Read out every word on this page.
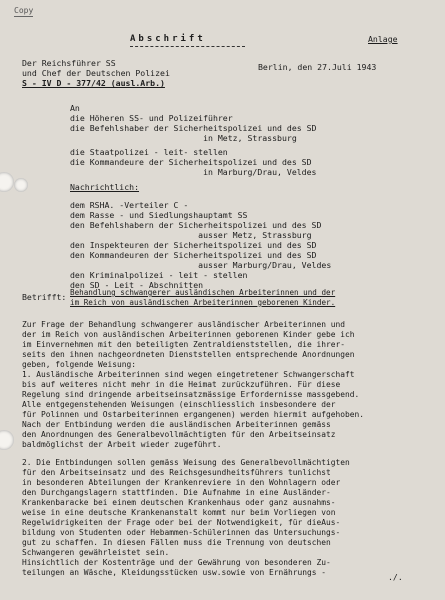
Copy
Abschrift	Anlage
Der Reichsführer SS
und Chef der Deutschen Polizei
S - IV D - 377/42 (ausl.Arb.)
Berlin, den 27.Juli 1943
An

die Höheren SS- und Polizeiführer

die Befehlshaber der Sicherheitspolizei und des SD

in Metz, Strassburg

die Staatpolizei - leit- stellen

die Kommandeure der Sicherheitspolizei und des SD

in Marburg/Drau, Veldes

Nachrichtlich:

dem RSHA. -Verteiler C -

dem Rasse - und Siedlungshauptamt SS

den Befehlshabern der Sicherheitspolizei und des SD

ausser Metz, Strassburg

den Inspekteuren der Sicherheitspolizei und des SD

den Kommandeuren der Sicherheitspolizei und des SD

ausser Marburg/Drau, Veldes

den Kriminalpolizei - leit - stellen

den SD - Leit - Abschnitten

Betrifft: Behandlung schwangerer ausländischen Arbeiterinnen und der
im Reich von ausländischen Arbeiterinnen geborenen Kinder.

Zur Frage der Behandlung schwangerer ausländischer Arbeiterinnen und

der im Reich von ausländischen Arbeiterinnen geborenen Kinder gebe ich

im Einvernehmen mit den beteiligten Zentraldienststellen, die ihrer-

seits den ihnen nachgeordneten Dienststellen entsprechende Anordnungen

geben, folgende Weisung:

1. Ausländische Arbeiterinnen sind wegen eingetretener Schwangerschaft

bis auf weiteres nicht mehr in die Heimat zurückzuführen. Für diese

Regelung sind dringende arbeitseinsatzmässige Erfordernisse massgebend.

Alle entgegenstehenden Weisungen (einschliesslich insbesondere der

für Polinnen und Ostarbeiterinnen ergangenen) werden hiermit aufgehoben.

Nach der Entbindung werden die ausländischen Arbeiterinnen gemäss

den Anordnungen des Generalbevollmächtigten für den Arbeitseinsatz

baldmöglichst der Arbeit wieder zugeführt.

2. Die Entbindungen sollen gemäss Weisung des Generalbevollmächtigten

für den Arbeitseinsatz und des Reichsgesundheitsführers tunlichst

in besonderen Abteilungen der Krankenreviere in den Wohnlagern oder

den Durchgangslagern stattfinden. Die Aufnahme in eine Ausländer-

Krankenbaracke bei einem deutschen Krankenhaus oder ganz ausnahms-

weise in eine deutsche Krankenanstalt kommt nur beim Vorliegen von

Regelwidrigkeiten der Frage oder bei der Notwendigkeit, für dieAus-

bildung von Studenten oder Hebammen-Schülerinnen das Untersuchungs-

gut zu schaffen. In diesen Fällen muss die Trennung von deutschen

Schwangeren gewährleistet sein.

Hinsichtlich der Kostenträge und der Gewährung von besonderen Zu-

teilungen an Wäsche, Kleidungsstücken usw.sowie von Ernährungs -	./.
